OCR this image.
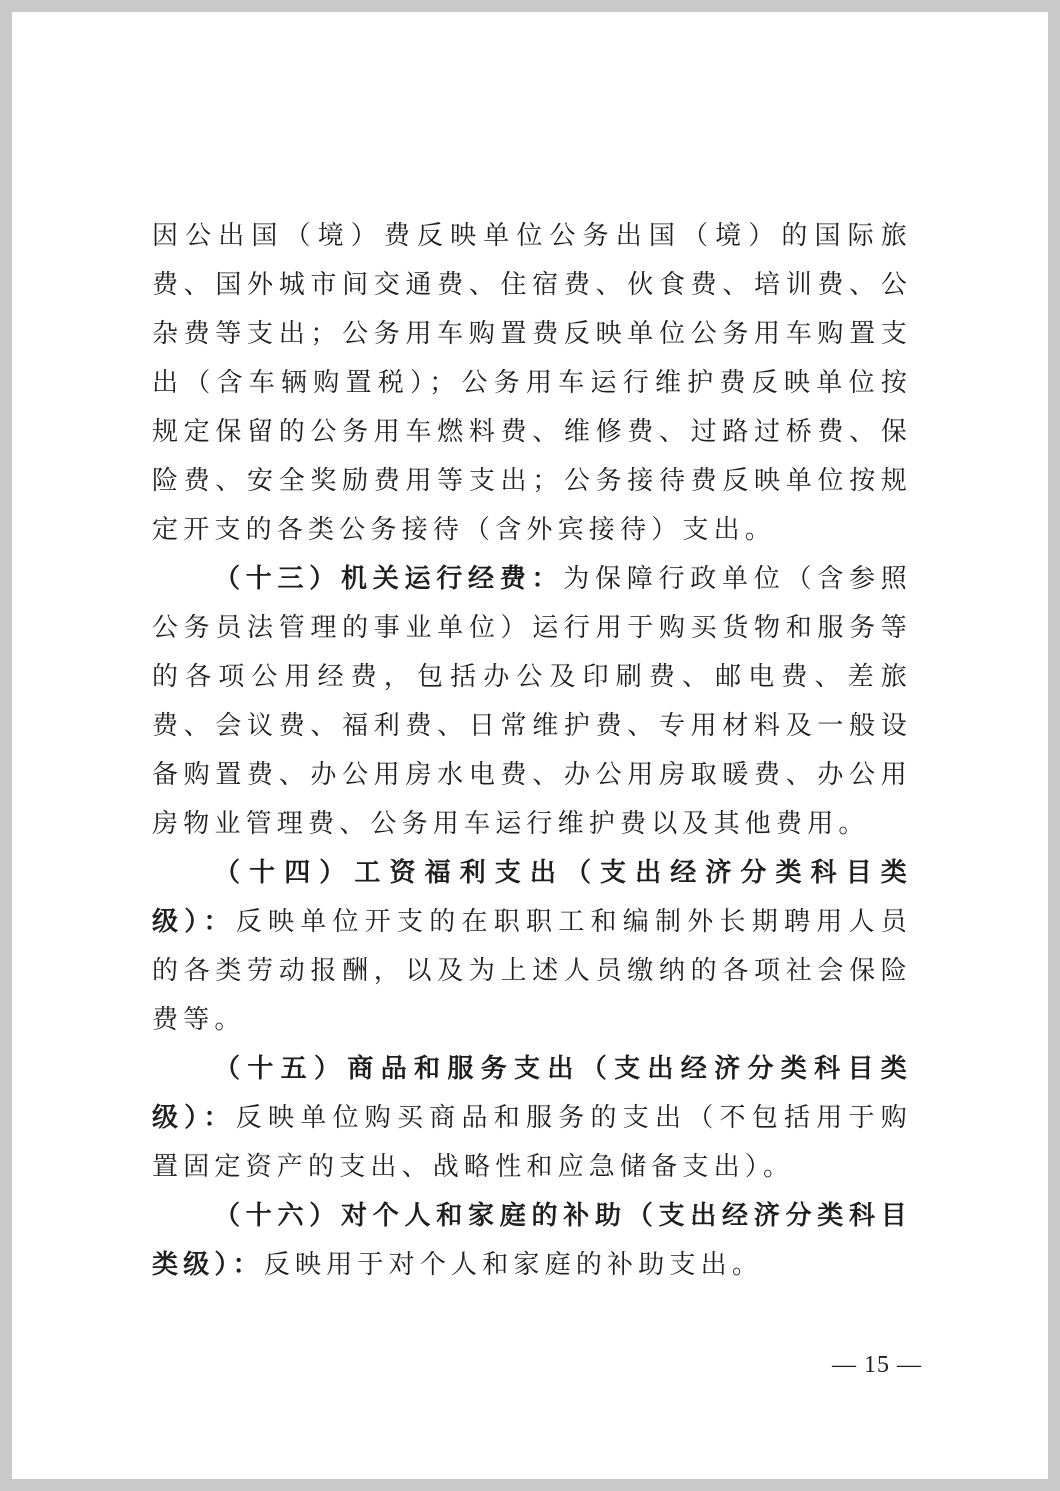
因公出国（境）费反映单位公务出国（境）的国际旅费、国外城市间交通费、住宿费、伙食费、培训费、公杂费等支出；公务用车购置费反映单位公务用车购置支出（含车辆购置税）；公务用车运行维护费反映单位按规定保留的公务用车燃料费、维修费、过路过桥费、保险费、安全奖励费用等支出；公务接待费反映单位按规定开支的各类公务接待（含外宾接待）支出。

（十三）机关运行经费：为保障行政单位（含参照公务员法管理的事业单位）运行用于购买货物和服务等的各项公用经费，包括办公及印刷费、邮电费、差旅费、会议费、福利费、日常维护费、专用材料及一般设备购置费、办公用房水电费、办公用房取暖费、办公用房物业管理费、公务用车运行维护费以及其他费用。

（十四）工资福利支出（支出经济分类科目类级）：反映单位开支的在职职工和编制外长期聘用人员的各类劳动报酬，以及为上述人员缴纳的各项社会保险费等。

（十五）商品和服务支出（支出经济分类科目类级）：反映单位购买商品和服务的支出（不包括用于购置固定资产的支出、战略性和应急储备支出）。

（十六）对个人和家庭的补助（支出经济分类科目类级）：反映用于对个人和家庭的补助支出。

— 15 —
